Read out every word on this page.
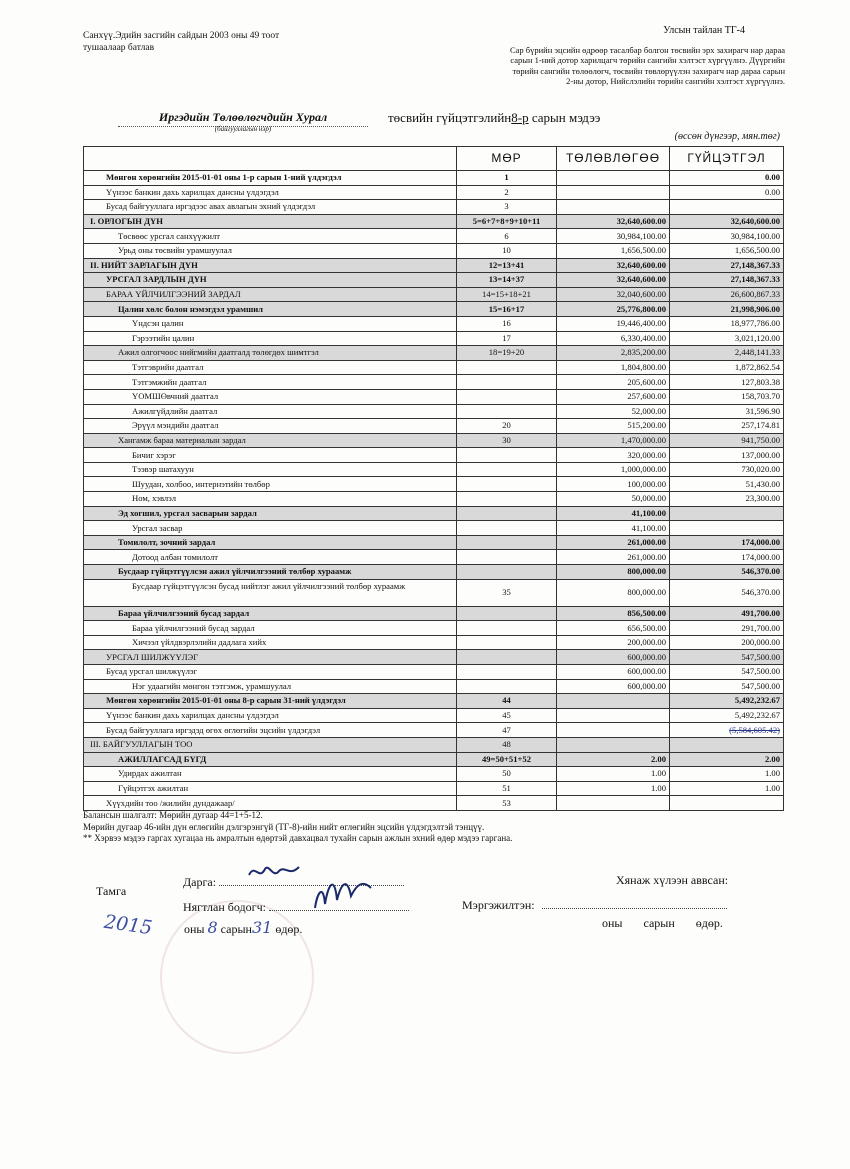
Санхүү.Эдийн засгийн сайдын 2003 оны 49 тоот
тушаалаар батлав
Улсын тайлан ТГ-4
Сар бүрийн эцсийн өдрөөр тасалбар болгон төсвийн эрх захирагч нар дараа
сарын 1-ний дотор харилцагч төрийн сангийн хэлтэст хүргүүлнэ. Дүүргийн
төрийн сангийн төлөөлөгч, төсвийн төвлөрүүлэн захирагч нар дараа сарын
2-ны дотор, Нийслэлийн төрийн сангийн хэлтэст хүргүүлнэ.
Иргэдийн Төлөөлөгчдийн Хурал
(байгууллагын нэр)
төсвийн гүйцэтгэлийн8-р сарын мэдээ
(өссөн дүнгээр, мян.төг)
	МӨР	ТӨЛӨВЛӨГӨӨ	ГҮЙЦЭТГЭЛ
Мөнгөн хөрөнгийн 2015-01-01 оны 1-р сарын 1-ний үлдэгдэл	1		0.00
Үүнээс банкин дахь харилцах дансны үлдэгдэл	2		0.00
Бусад байгууллага иргэдээс авах авлагын эхний үлдэгдэл	3		
I. ОРЛОГЫН ДҮН	5=6+7+8+9+10+11	32,640,600.00	32,640,600.00
Төсвөөс урсгал санхүүжилт	6	30,984,100.00	30,984,100.00
Урьд оны төсвийн урамшуулал	10	1,656,500.00	1,656,500.00
II. НИЙТ ЗАРЛАГЫН ДҮН	12=13+41	32,640,600.00	27,148,367.33
УРСГАЛ ЗАРДЛЫН ДҮН	13=14+37	32,640,600.00	27,148,367.33
БАРАА ҮЙЛЧИЛГЭЭНИЙ ЗАРДАЛ	14=15+18+21	32,040,600.00	26,600,867.33
Цалин хөлс болон нэмэгдэл урамшил	15=16+17	25,776,800.00	21,998,906.00
Үндсэн цалин	16	19,446,400.00	18,977,786.00
Гэрээтийн цалин	17	6,330,400.00	3,021,120.00
Ажил олгогчоос нийгмийн даатгалд төлөгдөх шимтгэл	18=19+20	2,835,200.00	2,448,141.33
Тэтгэврийн даатгал		1,804,800.00	1,872,862.54
Тэтгэмжийн даатгал		205,600.00	127,803.38
ҮОМШӨвчний даатгал		257,600.00	158,703.70
Ажилгүйдлийн даатгал		52,000.00	31,596.90
Эрүүл мэндийн даатгал	20	515,200.00	257,174.81
Хангамж бараа материалын зардал	30	1,470,000.00	941,750.00
Бичиг хэрэг		320,000.00	137,000.00
Тээвэр шатахуун		1,000,000.00	730,020.00
Шуудан, холбоо, интернэтийн төлбөр		100,000.00	51,430.00
Ном, хэвлэл		50,000.00	23,300.00
Эд хогшил, урсгал засварын зардал		41,100.00	
Урсгал засвар		41,100.00	
Томилолт, зочний зардал		261,000.00	174,000.00
Дотоод албан томилолт		261,000.00	174,000.00
Бусдаар гүйцэтгүүлсэн ажил үйлчилгээний төлбөр хураамж		800,000.00	546,370.00
Бусдаар гүйцэтгүүлсэн бусад нийтлэг ажил үйлчилгээний төлбөр хураамж	35	800,000.00	546,370.00
Бараа үйлчилгээний бусад зардал		856,500.00	491,700.00
Бараа үйлчилгээний бусад зардал		656,500.00	291,700.00
Хичээл үйлдвэрлэлийн дадлага хийх		200,000.00	200,000.00
УРСГАЛ ШИЛЖҮҮЛЭГ		600,000.00	547,500.00
Бусад урсгал шилжүүлэг		600,000.00	547,500.00
Нэг удаагийн мөнгөн тэтгэмж, урамшуулал		600,000.00	547,500.00
Мөнгөн хөрөнгийн 2015-01-01 оны 8-р сарын 31-ний үлдэгдэл	44		5,492,232.67
Үүнээс банкин дахь харилцах дансны үлдэгдэл	45		5,492,232.67
Бусад байгууллага иргэдэд өгөх өглөгийн эцсийн үлдэгдэл	47		(5,584,605.42)
III. БАЙГУУЛЛАГЫН ТОО	48		
АЖИЛЛАГСАД БҮГД	49=50+51+52	2.00	2.00
Удирдах ажилтан	50	1.00	1.00
Гүйцэтгэх ажилтан	51	1.00	1.00
Хүүхдийн тоо /жилийн дундажаар/	53		
Балансын шалгалт: Мөрийн дугаар 44=1+5-12.
Мөрийн дугаар 46-ийн дүн өглөгийн дэлгэрэнгүй (ТГ-8)-ийн нийт өглөгийн эцсийн үлдэгдэлтэй тэнцүү.
** Хэрвээ мэдээ гаргах хугацаа нь амралтын өдөртэй давхацвал тухайн сарын ажлын эхний өдөр мэдээ гаргана.
Тамга
Дарга:
Нягтлан бодогч:
2015	оны 8 сарын31 өдөр.
Хянаж хүлээн аввсан:
Мэргэжилтэн:
оны       сарын       өдөр.
